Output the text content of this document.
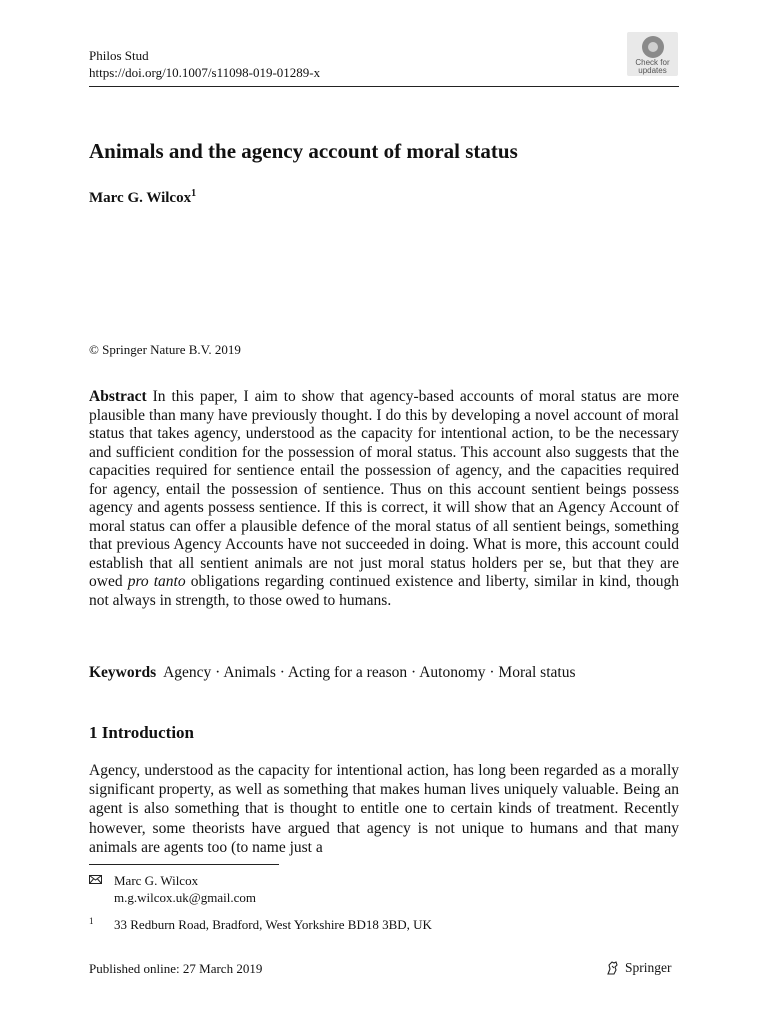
Philos Stud
https://doi.org/10.1007/s11098-019-01289-x
Check for
updates
Animals and the agency account of moral status
Marc G. Wilcox$^1$
© Springer Nature B.V. 2019

Abstract In this paper, I aim to show that agency-based accounts of moral status are more plausible than many have previously thought. I do this by developing a novel account of moral status that takes agency, understood as the capacity for intentional action, to be the necessary and sufficient condition for the possession of moral status. This account also suggests that the capacities required for sentience entail the possession of agency, and the capacities required for agency, entail the possession of sentience. Thus on this account sentient beings possess agency and agents possess sentience. If this is correct, it will show that an Agency Account of moral status can offer a plausible defence of the moral status of all sentient beings, something that previous Agency Accounts have not succeeded in doing. What is more, this account could establish that all sentient animals are not just moral status holders per se, but that they are owed pro tanto obligations regarding continued existence and liberty, similar in kind, though not always in strength, to those owed to humans.

Keywords Agency · Animals · Acting for a reason · Autonomy · Moral status
1 Introduction

Agency, understood as the capacity for intentional action, has long been regarded as a morally significant property, as well as something that makes human lives uniquely valuable. Being an agent is also something that is thought to entitle one to certain kinds of treatment. Recently however, some theorists have argued that agency is not unique to humans and that many animals are agents too (to name just a

Marc G. Wilcox
m.g.wilcox.uk@gmail.com
1 33 Redburn Road, Bradford, West Yorkshire BD18 3BD, UK
Published online: 27 March 2019	Springer
